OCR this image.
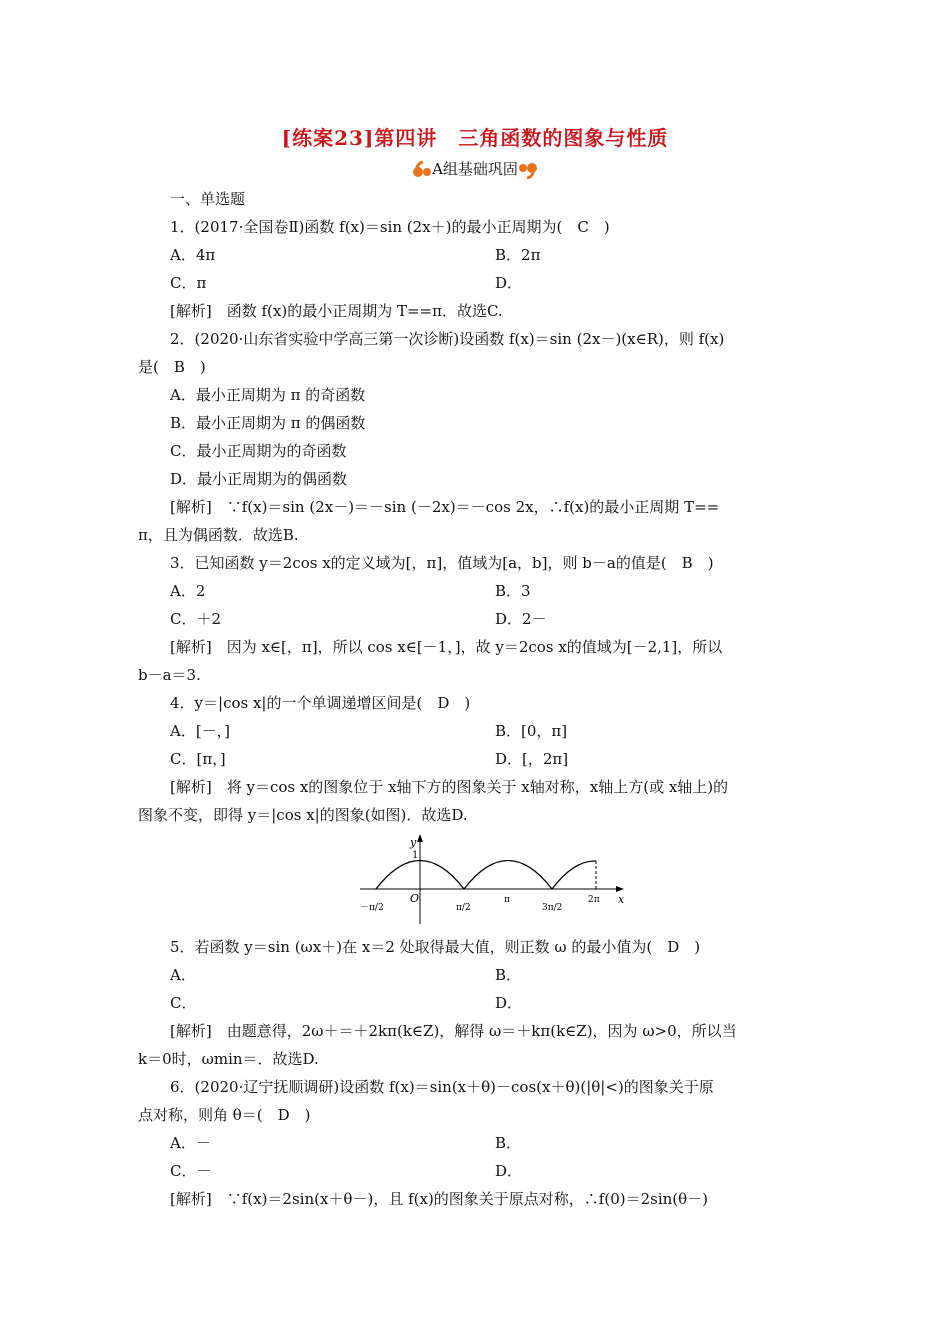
[练案23]第四讲　三角函数的图象与性质
A组基础巩固
一、单选题
1．(2017·全国卷Ⅱ)函数 f(x)＝sin (2x＋)的最小正周期为(　C　)
A．4π	B．2π
C．π	D．
[解析]　函数 f(x)的最小正周期为 T==π．故选C.
2．(2020·山东省实验中学高三第一次诊断)设函数 f(x)＝sin (2x－)(x∈R)，则 f(x)
是(　B　)
A．最小正周期为 π 的奇函数
B．最小正周期为 π 的偶函数
C．最小正周期为的奇函数
D．最小正周期为的偶函数
[解析]　∵f(x)＝sin (2x－)＝－sin (－2x)＝－cos 2x，∴f(x)的最小正周期 T==
π，且为偶函数．故选B.
3．已知函数 y＝2cos x的定义域为[，π]，值域为[a，b]，则 b－a的值是(　B　)
A．2	B．3
C．＋2	D．2－
[解析]　因为 x∈[，π]，所以 cos x∈[－1，]，故 y＝2cos x的值域为[－2,1]，所以
b－a＝3.
4．y＝|cos x|的一个单调递增区间是(　D　)
A．[－，]	B．[0，π]
C．[π，]	D．[，2π]
[解析]　将 y＝cos x的图象位于 x轴下方的图象关于 x轴对称，x轴上方(或 x轴上)的
图象不变，即得 y＝|cos x|的图象(如图)．故选D.
y
x
O
1
－π/2	π/2
π
3π/2
2π
5．若函数 y＝sin (ωx＋)在 x＝2 处取得最大值，则正数 ω 的最小值为(　D　)
A．	B．
C．	D．
[解析]　由题意得，2ω＋＝＋2kπ(k∈Z)，解得 ω＝＋kπ(k∈Z)，因为 ω>0，所以当
k＝0时，ωmin＝．故选D.
6．(2020·辽宁抚顺调研)设函数 f(x)＝sin(x＋θ)－cos(x＋θ)(|θ|<)的图象关于原
点对称，则角 θ＝(　D　)
A．－	B．
C．－	D．
[解析]　∵f(x)＝2sin(x＋θ－)，且 f(x)的图象关于原点对称，∴f(0)＝2sin(θ－)
